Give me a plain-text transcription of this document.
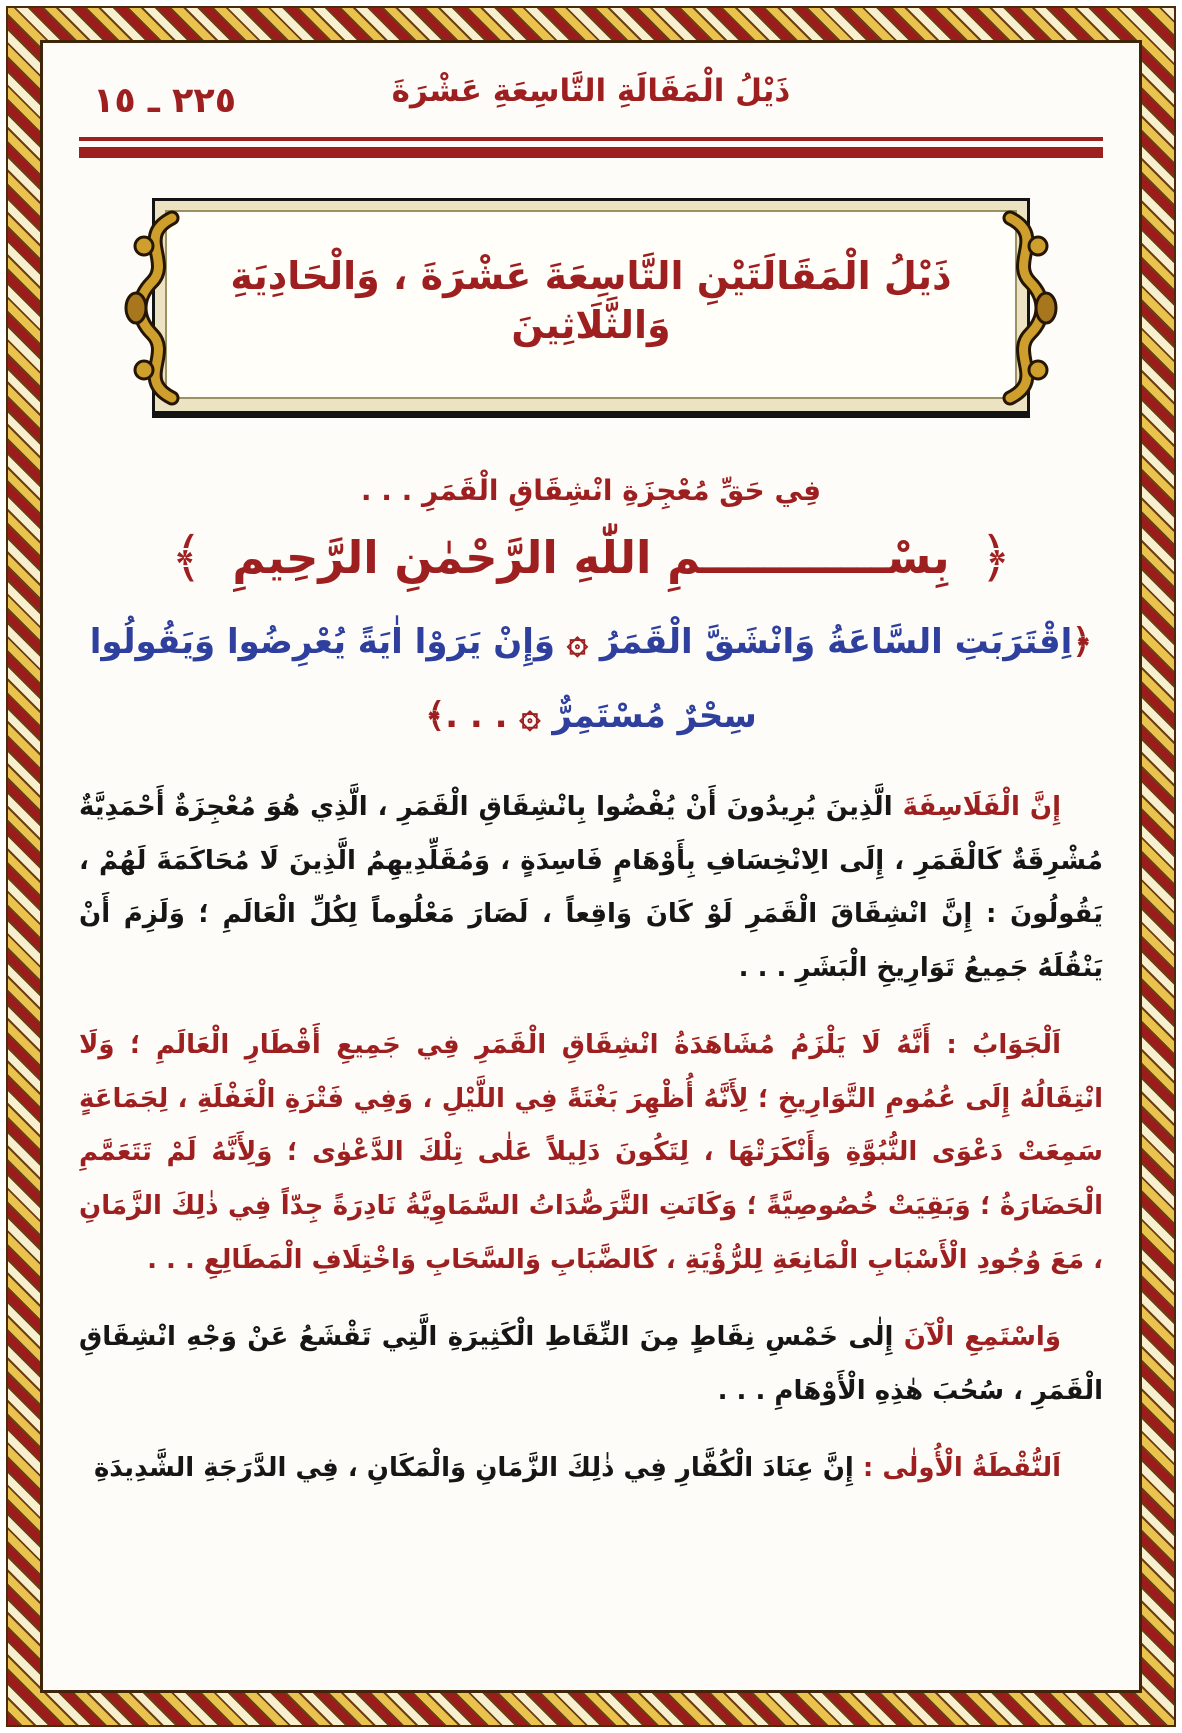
١٥ ـ ٢٢٥	ذَيْلُ الْمَقَالَةِ التَّاسِعَةِ عَشْرَةَ
ذَيْلُ الْمَقَالَتَيْنِ التَّاسِعَةَ عَشْرَةَ ، وَالْحَادِيَةِ وَالثَّلَاثِينَ
فِي حَقِّ مُعْجِزَةِ انْشِقَاقِ الْقَمَرِ . . .
﴿
بِسْــــــــــــمِ اللّٰهِ الرَّحْمٰنِ الرَّحِيمِ
﴾
﴿اِقْتَرَبَتِ السَّاعَةُ وَانْشَقَّ الْقَمَرُ ۞ وَإِنْ يَرَوْا اٰيَةً يُعْرِضُوا وَيَقُولُوا
سِحْرٌ مُسْتَمِرٌّ ۞ . . .﴾

إِنَّ الْفَلَاسِفَةَ الَّذِينَ يُرِيدُونَ أَنْ يُفْضُوا بِانْشِقَاقِ الْقَمَرِ ، الَّذِي هُوَ مُعْجِزَةٌ أَحْمَدِيَّةٌ مُشْرِقَةٌ كَالْقَمَرِ ، إِلَى الِانْخِسَافِ بِأَوْهَامٍ فَاسِدَةٍ ، وَمُقَلِّدِيهِمُ الَّذِينَ لَا مُحَاكَمَةَ لَهُمْ ، يَقُولُونَ : إِنَّ انْشِقَاقَ الْقَمَرِ لَوْ كَانَ وَاقِعاً ، لَصَارَ مَعْلُوماً لِكُلِّ الْعَالَمِ ؛ وَلَزِمَ أَنْ يَنْقُلَهُ جَمِيعُ تَوَارِيخِ الْبَشَرِ . . .

اَلْجَوَابُ : أَنَّهُ لَا يَلْزَمُ مُشَاهَدَةُ انْشِقَاقِ الْقَمَرِ فِي جَمِيعِ أَقْطَارِ الْعَالَمِ ؛ وَلَا انْتِقَالُهُ إِلَى عُمُومِ التَّوَارِيخِ ؛ لِأَنَّهُ أُظْهِرَ بَغْتَةً فِي اللَّيْلِ ، وَفِي فَتْرَةِ الْغَفْلَةِ ، لِجَمَاعَةٍ سَمِعَتْ دَعْوَى النُّبُوَّةِ وَأَنْكَرَتْهَا ، لِتَكُونَ دَلِيلاً عَلٰى تِلْكَ الدَّعْوٰى ؛ وَلِأَنَّهُ لَمْ تَتَعَمَّمِ الْحَضَارَةُ ؛ وَبَقِيَتْ خُصُوصِيَّةً ؛ وَكَانَتِ التَّرَصُّدَاتُ السَّمَاوِيَّةُ نَادِرَةً جِدّاً فِي ذٰلِكَ الزَّمَانِ ، مَعَ وُجُودِ الْأَسْبَابِ الْمَانِعَةِ لِلرُّؤْيَةِ ، كَالضَّبَابِ وَالسَّحَابِ وَاخْتِلَافِ الْمَطَالِعِ . . .

وَاسْتَمِعِ الْآنَ إِلٰى خَمْسِ نِقَاطٍ مِنَ النِّقَاطِ الْكَثِيرَةِ الَّتِي تَقْشَعُ عَنْ وَجْهِ انْشِقَاقِ الْقَمَرِ ، سُحُبَ هٰذِهِ الْأَوْهَامِ . . .

اَلنُّقْطَةُ الْأُولٰى : إِنَّ عِنَادَ الْكُفَّارِ فِي ذٰلِكَ الزَّمَانِ وَالْمَكَانِ ، فِي الدَّرَجَةِ الشَّدِيدَةِ
